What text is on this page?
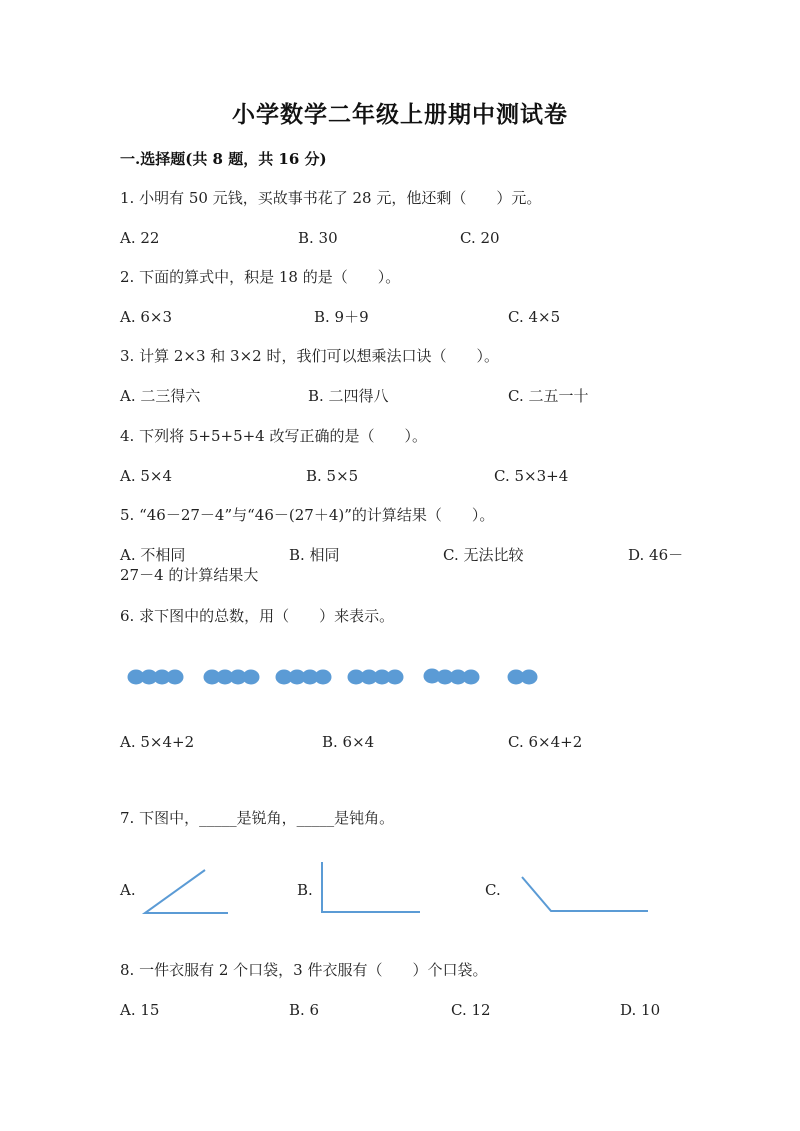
小学数学二年级上册期中测试卷
一.选择题(共 8 题，共 16 分)
1. 小明有 50 元钱，买故事书花了 28 元，他还剩（　　）元。
A. 22	B. 30	C. 20
2. 下面的算式中，积是 18 的是（　　）。
A. 6×3	B. 9＋9	C. 4×5
3. 计算 2×3 和 3×2 时，我们可以想乘法口诀（　　）。
A. 二三得六	B. 二四得八	C. 二五一十
4. 下列将 5+5+5+4 改写正确的是（　　）。
A. 5×4	B. 5×5	C. 5×3+4
5. “46－27－4”与“46－(27＋4)”的计算结果（　　）。
A. 不相同	B. 相同	C. 无法比较	D. 46－
27－4 的计算结果大
6. 求下图中的总数，用（　　）来表示。
A. 5×4+2	B. 6×4	C. 6×4+2
7. 下图中，_____是锐角，_____是钝角。
A.	B.	C.
8. 一件衣服有 2 个口袋，3 件衣服有（　　）个口袋。
A. 15	B. 6	C. 12	D. 10
